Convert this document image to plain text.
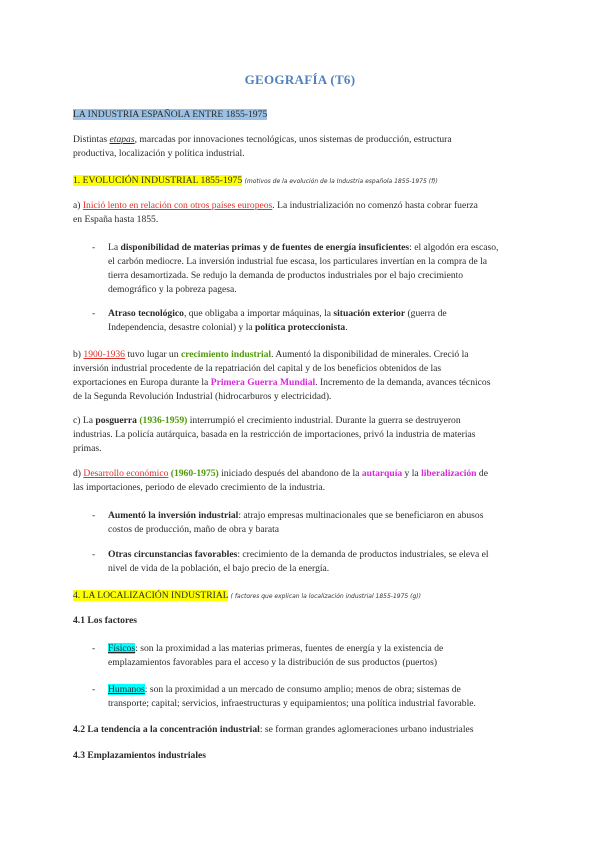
GEOGRAFÍA (T6)
LA INDUSTRIA ESPAÑOLA ENTRE 1855-1975
Distintas etapas, marcadas por innovaciones tecnológicas, unos sistemas de producción, estructura
productiva, localización y política industrial.
1. EVOLUCIÓN INDUSTRIAL 1855-1975 (motivos de la evolución de la Industria española 1855-1975 (f))
a) Inició lento en relación con otros países europeos. La industrialización no comenzó hasta cobrar fuerza
en España hasta 1855.
- La disponibilidad de materias primas y de fuentes de energía insuficientes: el algodón era escaso,
el carbón mediocre. La inversión industrial fue escasa, los particulares invertían en la compra de la
tierra desamortizada. Se redujo la demanda de productos industriales por el bajo crecimiento
demográfico y la pobreza pagesa.
- Atraso tecnológico, que obligaba a importar máquinas, la situación exterior (guerra de
Independencia, desastre colonial) y la política proteccionista.
b) 1900-1936 tuvo lugar un crecimiento industrial. Aumentó la disponibilidad de minerales. Creció la
inversión industrial procedente de la repatriación del capital y de los beneficios obtenidos de las
exportaciones en Europa durante la Primera Guerra Mundial. Incremento de la demanda, avances técnicos
de la Segunda Revolución Industrial (hidrocarburos y electricidad).
c) La posguerra (1936-1959) interrumpió el crecimiento industrial. Durante la guerra se destruyeron
industrias. La policía autárquica, basada en la restricción de importaciones, privó la industria de materias
primas.
d) Desarrollo económico (1960-1975) iniciado después del abandono de la autarquía y la liberalización de
las importaciones, periodo de elevado crecimiento de la industria.
- Aumentó la inversión industrial: atrajo empresas multinacionales que se beneficiaron en abusos
costos de producción, maño de obra y barata
- Otras circunstancias favorables: crecimiento de la demanda de productos industriales, se eleva el
nivel de vida de la población, el bajo precio de la energía.
4. LA LOCALIZACIÓN INDUSTRIAL ( factores que explican la localización industrial 1855-1975 (g))
4.1 Los factores
- Físicos: son la proximidad a las materias primeras, fuentes de energía y la existencia de
emplazamientos favorables para el acceso y la distribución de sus productos (puertos)
- Humanos: son la proximidad a un mercado de consumo amplio; menos de obra; sistemas de
transporte; capital; servicios, infraestructuras y equipamientos; una política industrial favorable.
4.2 La tendencia a la concentración industrial: se forman grandes aglomeraciones urbano industriales
4.3 Emplazamientos industriales
